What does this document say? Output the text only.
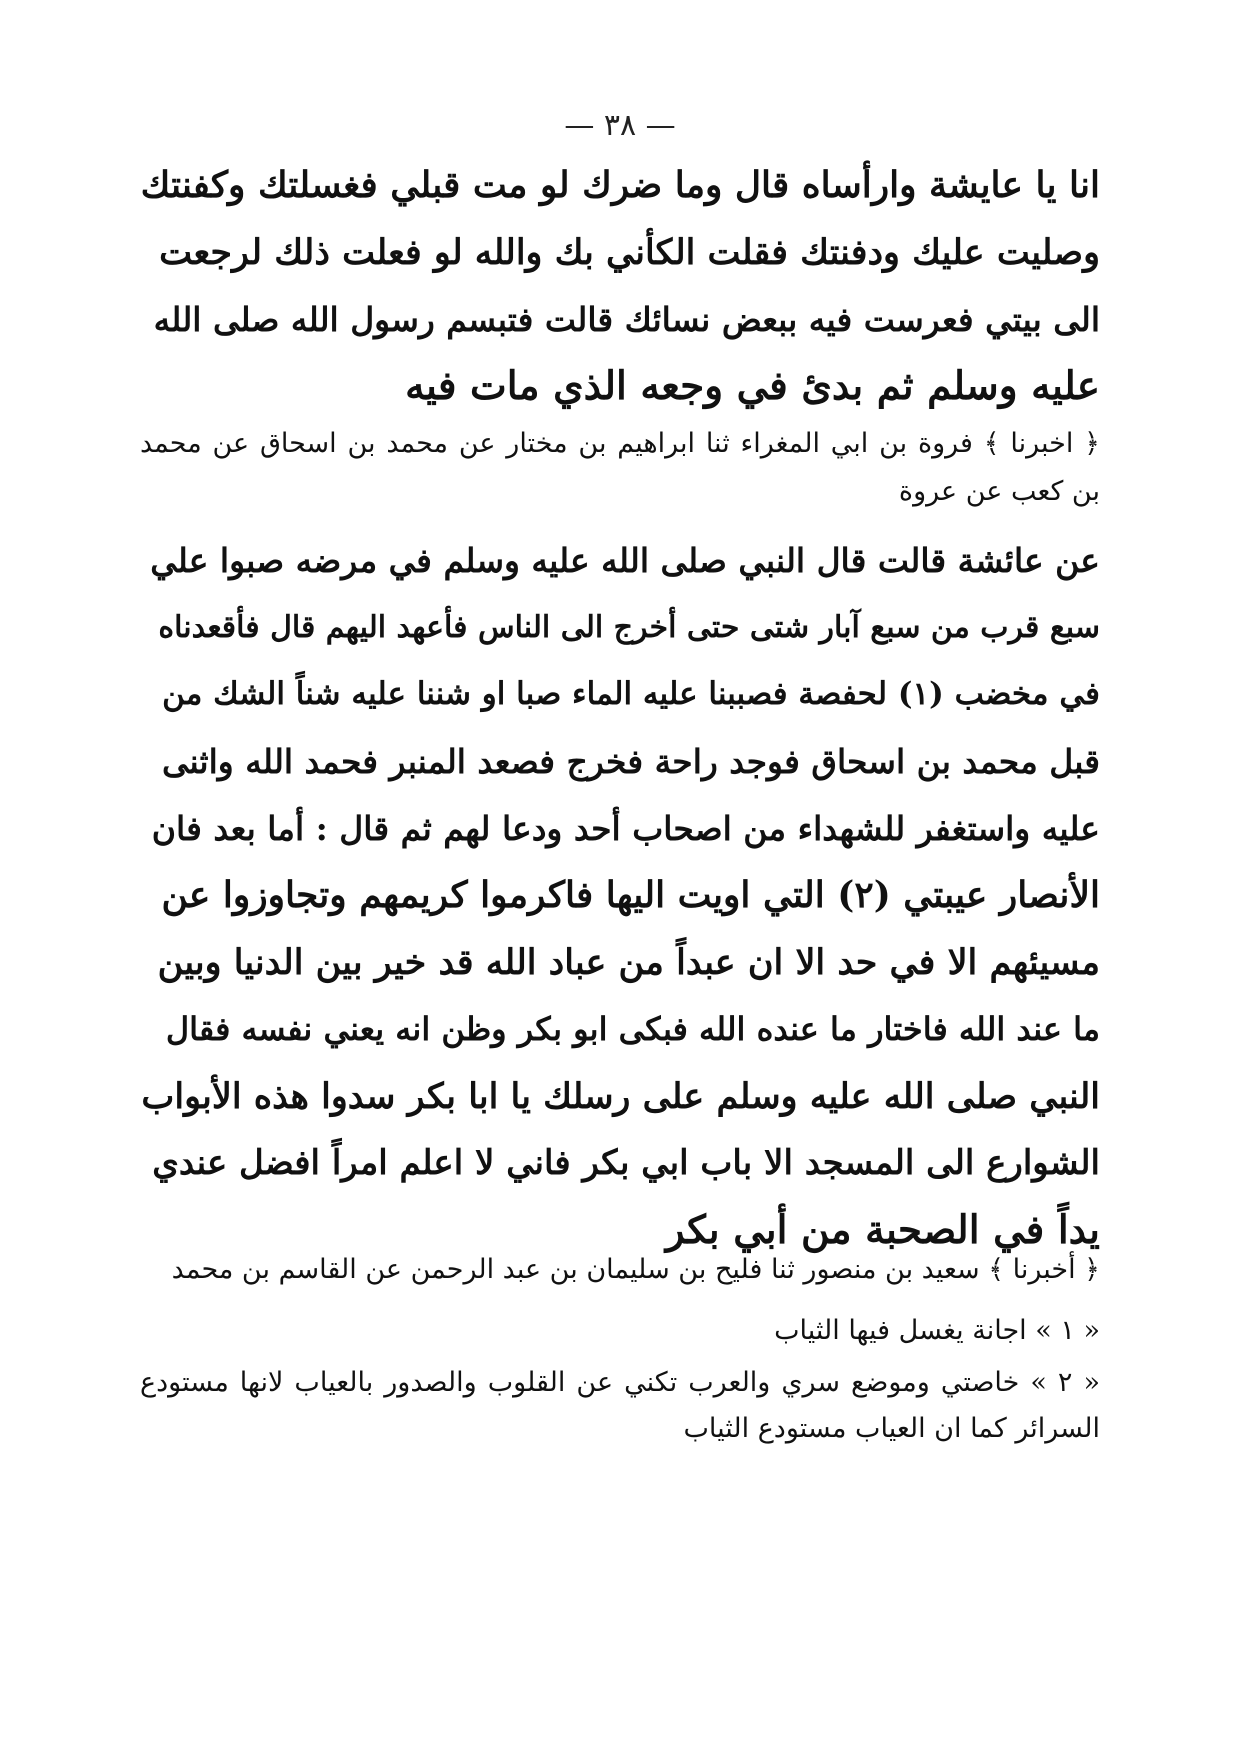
— ٣٨ —
انا يا عايشة وارأساه قال وما ضرك لو مت قبلي فغسلتك وكفنتك
وصليت عليك ودفنتك فقلت الكأني بك والله لو فعلت ذلك لرجعت
الى بيتي فعرست فيه ببعض نسائك قالت فتبسم رسول الله صلى الله
عليه وسلم ثم بدئ في وجعه الذي مات فيه
﴿ اخبرنا ﴾ فروة بن ابي المغراء ثنا ابراهيم بن مختار عن محمد بن اسحاق عن محمد بن كعب عن عروة
عن عائشة قالت قال النبي صلى الله عليه وسلم في مرضه صبوا علي
سبع قرب من سبع آبار شتى حتى أخرج الى الناس فأعهد اليهم قال فأقعدناه
في مخضب (١) لحفصة فصببنا عليه الماء صبا او شننا عليه شناً الشك من
قبل محمد بن اسحاق فوجد راحة فخرج فصعد المنبر فحمد الله واثنى
عليه واستغفر للشهداء من اصحاب أحد ودعا لهم ثم قال : أما بعد فان
الأنصار عيبتي (٢) التي اويت اليها فاكرموا كريمهم وتجاوزوا عن
مسيئهم الا في حد الا ان عبداً من عباد الله قد خير بين الدنيا وبين
ما عند الله فاختار ما عنده الله فبكى ابو بكر وظن انه يعني نفسه فقال
النبي صلى الله عليه وسلم على رسلك يا ابا بكر سدوا هذه الأبواب
الشوارع الى المسجد الا باب ابي بكر فاني لا اعلم امراً افضل عندي
يداً في الصحبة من أبي بكر
﴿ أخبرنا ﴾ سعيد بن منصور ثنا فليح بن سليمان بن عبد الرحمن عن القاسم بن محمد
« ١ » اجانة يغسل فيها الثياب
« ٢ » خاصتي وموضع سري والعرب تكني عن القلوب والصدور بالعياب لانها مستودع السرائر كما ان العياب مستودع الثياب
